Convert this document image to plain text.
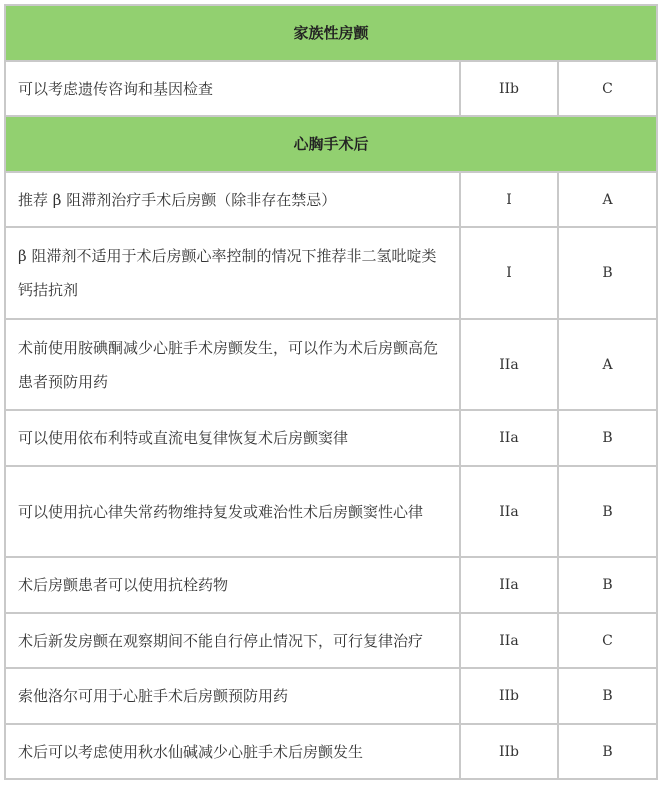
家族性房颤		
可以考虑遗传咨询和基因检查	IIb	C
心胸手术后		
推荐 β 阻滞剂治疗手术后房颤（除非存在禁忌）	I	A
β 阻滞剂不适用于术后房颤心率控制的情况下推荐非二氢吡啶类钙拮抗剂	I	B
术前使用胺碘酮减少心脏手术房颤发生，可以作为术后房颤高危患者预防用药	IIa	A
可以使用依布利特或直流电复律恢复术后房颤窦律	IIa	B
可以使用抗心律失常药物维持复发或难治性术后房颤窦性心律	IIa	B
术后房颤患者可以使用抗栓药物	IIa	B
术后新发房颤在观察期间不能自行停止情况下，可行复律治疗	IIa	C
索他洛尔可用于心脏手术后房颤预防用药	IIb	B
术后可以考虑使用秋水仙碱减少心脏手术后房颤发生	IIb	B
